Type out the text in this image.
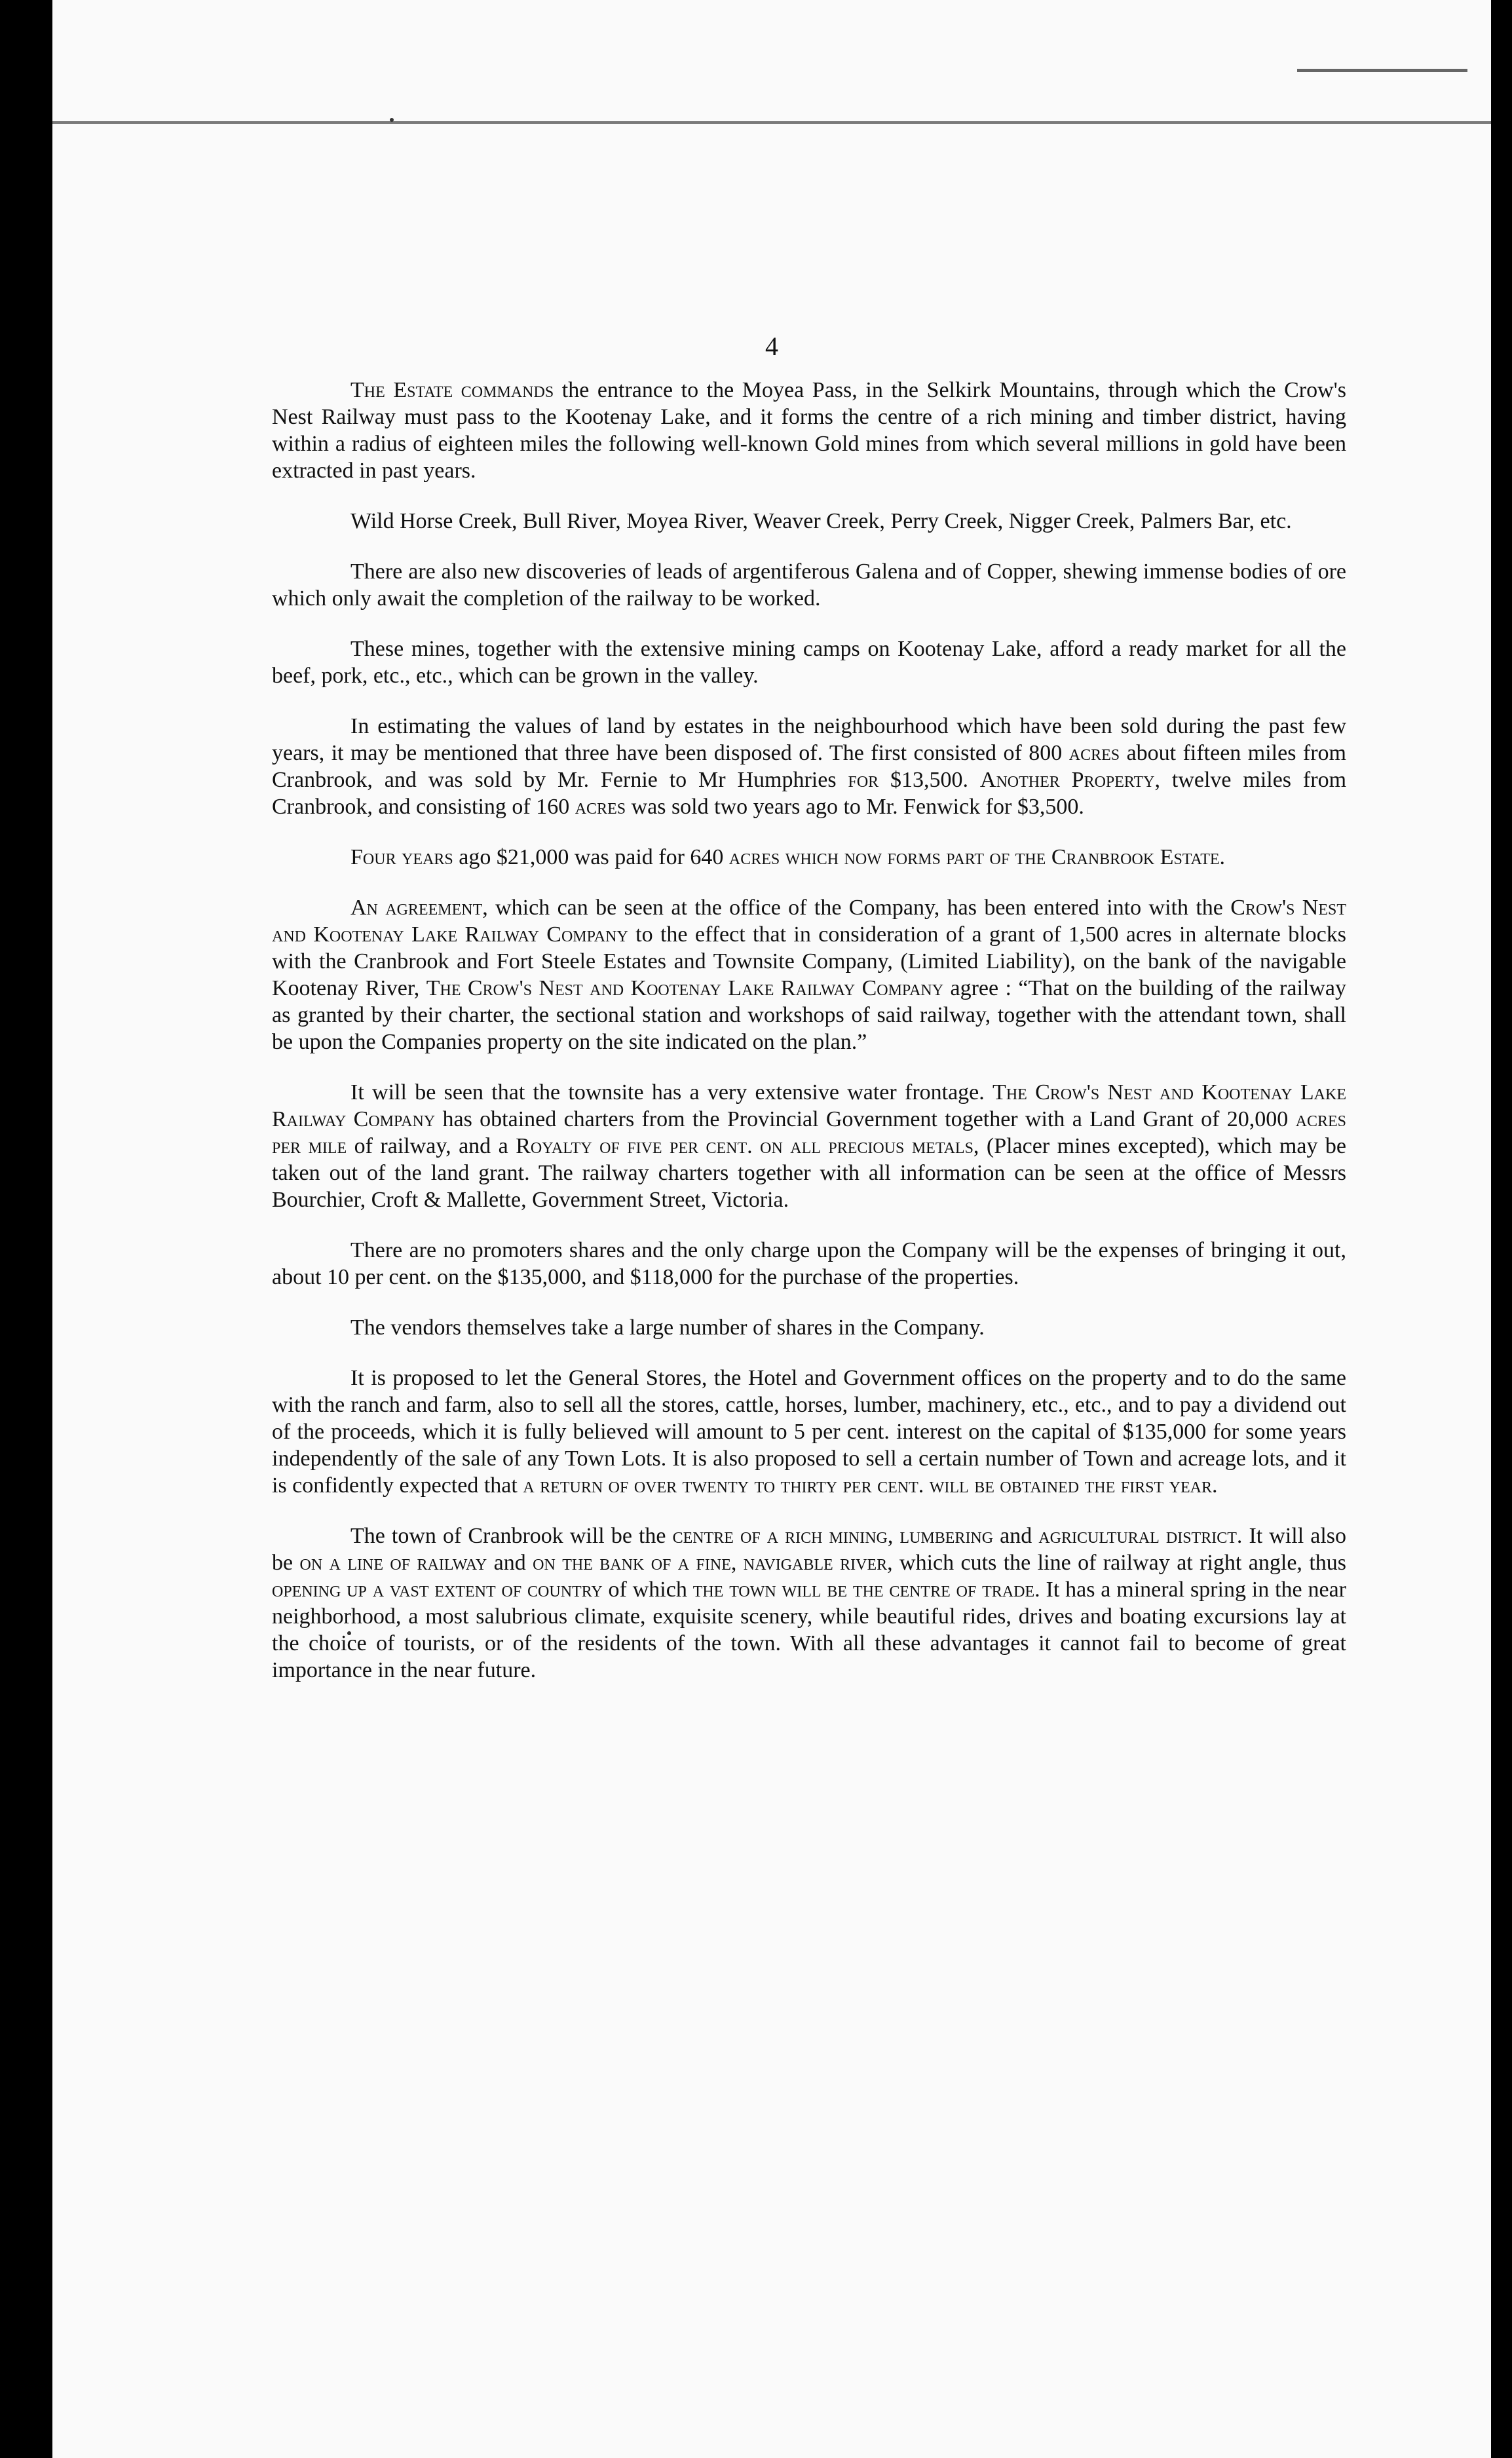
4

The Estate commands the entrance to the Moyea Pass, in the Selkirk Mountains, through which the Crow's Nest Railway must pass to the Kootenay Lake, and it forms the centre of a rich mining and timber district, having within a radius of eighteen miles the following well-known Gold mines from which several millions in gold have been extracted in past years.

Wild Horse Creek, Bull River, Moyea River, Weaver Creek, Perry Creek, Nigger Creek, Palmers Bar, etc.

There are also new discoveries of leads of argentiferous Galena and of Copper, shewing immense bodies of ore which only await the completion of the railway to be worked.

These mines, together with the extensive mining camps on Kootenay Lake, afford a ready market for all the beef, pork, etc., etc., which can be grown in the valley.

In estimating the values of land by estates in the neighbourhood which have been sold during the past few years, it may be mentioned that three have been disposed of. The first consisted of 800 acres about fifteen miles from Cranbrook, and was sold by Mr. Fernie to Mr Humphries for $13,500. Another Property, twelve miles from Cranbrook, and consisting of 160 acres was sold two years ago to Mr. Fenwick for $3,500.

Four years ago $21,000 was paid for 640 acres which now forms part of the Cranbrook Estate.

An agreement, which can be seen at the office of the Company, has been entered into with the Crow's Nest and Kootenay Lake Railway Company to the effect that in consideration of a grant of 1,500 acres in alternate blocks with the Cranbrook and Fort Steele Estates and Townsite Company, (Limited Liability), on the bank of the navigable Kootenay River, The Crow's Nest and Kootenay Lake Railway Company agree : “That on the building of the railway as granted by their charter, the sectional station and workshops of said railway, together with the attendant town, shall be upon the Companies property on the site indicated on the plan.”

It will be seen that the townsite has a very extensive water frontage. The Crow's Nest and Kootenay Lake Railway Company has obtained charters from the Provincial Government together with a Land Grant of 20,000 acres per mile of railway, and a Royalty of five per cent. on all precious metals, (Placer mines excepted), which may be taken out of the land grant. The railway charters together with all information can be seen at the office of Messrs Bourchier, Croft & Mallette, Government Street, Victoria.

There are no promoters shares and the only charge upon the Company will be the expenses of bringing it out, about 10 per cent. on the $135,000, and $118,000 for the purchase of the properties.

The vendors themselves take a large number of shares in the Company.

It is proposed to let the General Stores, the Hotel and Government offices on the property and to do the same with the ranch and farm, also to sell all the stores, cattle, horses, lumber, machinery, etc., etc., and to pay a dividend out of the proceeds, which it is fully believed will amount to 5 per cent. interest on the capital of $135,000 for some years independently of the sale of any Town Lots. It is also proposed to sell a certain number of Town and acreage lots, and it is confidently expected that a return of over twenty to thirty per cent. will be obtained the first year.

The town of Cranbrook will be the centre of a rich mining, lumbering and agricultural district. It will also be on a line of railway and on the bank of a fine, navigable river, which cuts the line of railway at right angle, thus opening up a vast extent of country of which the town will be the centre of trade. It has a mineral spring in the near neighborhood, a most salubrious climate, exquisite scenery, while beautiful rides, drives and boating excursions lay at the choice of tourists, or of the residents of the town. With all these advantages it cannot fail to become of great importance in the near future.
